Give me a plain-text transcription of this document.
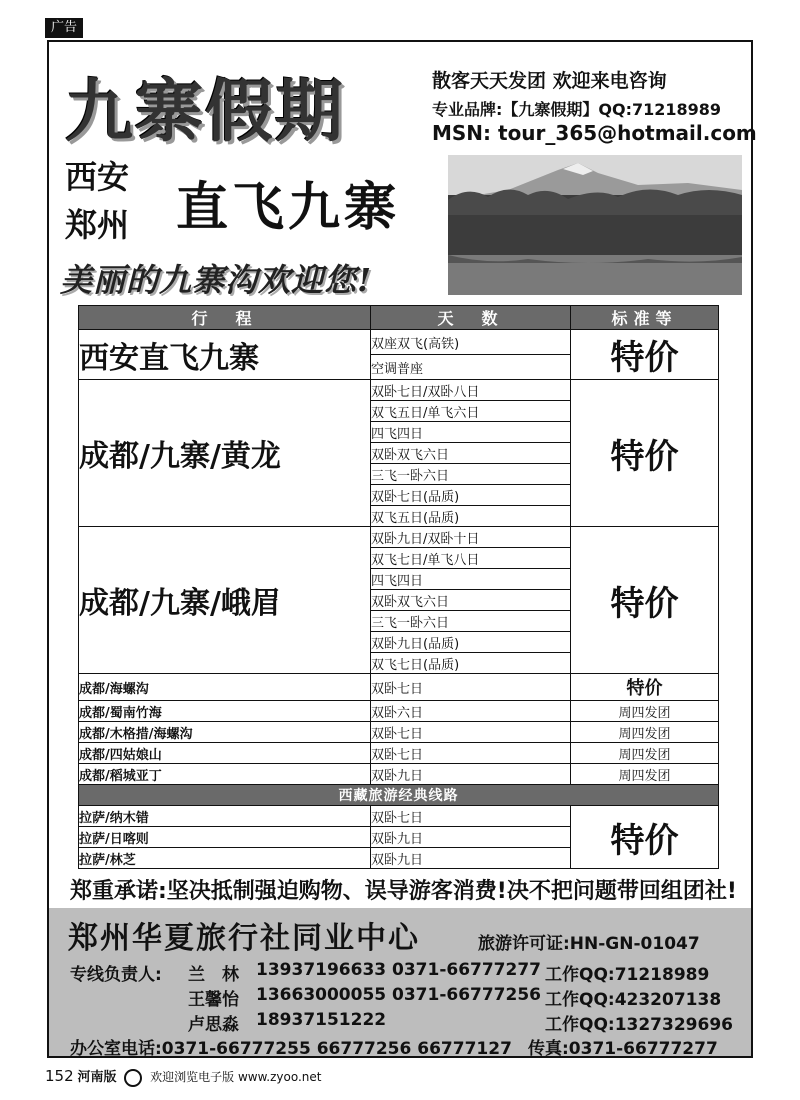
广告
九寨假期	散客天天发团 欢迎来电咨询
专业品牌:【九寨假期】QQ:71218989
MSN: tour_365@hotmail.com
西安
郑州 直飞九寨
美丽的九寨沟欢迎您!
行　程	天　数	标准等
西安直飞九寨	双座双飞(高铁)	特价
	空调普座	
成都/九寨/黄龙	双卧七日/双卧八日	特价
	双飞五日/单飞六日	
	四飞四日	
	双卧双飞六日	
	三飞一卧六日	
	双卧七日(品质)	
	双飞五日(品质)	
成都/九寨/峨眉	双卧九日/双卧十日	特价
	双飞七日/单飞八日	
	四飞四日	
	双卧双飞六日	
	三飞一卧六日	
	双卧九日(品质)	
	双飞七日(品质)	
成都/海螺沟	双卧七日	特价
成都/蜀南竹海	双卧六日	周四发团
成都/木格措/海螺沟	双卧七日	周四发团
成都/四姑娘山	双卧七日	周四发团
成都/稻城亚丁	双卧九日	周四发团
西藏旅游经典线路		
拉萨/纳木错	双卧七日	特价
拉萨/日喀则	双卧九日	
拉萨/林芝	双卧九日	
郑重承诺:坚决抵制强迫购物、误导游客消费!决不把问题带回组团社!
郑州华夏旅行社同业中心	旅游许可证:HN-GN-01047
专线负责人: 兰　林 13937196633 0371-66777277 工作QQ:71218989
王馨怡 13663000055 0371-66777256 工作QQ:423207138
卢思淼 18937151222	工作QQ:1327329696
办公室电话:0371-66777255 66777256 66777127 传真:0371-66777277
152 河南版	欢迎浏览电子版 www.zyoo.net
